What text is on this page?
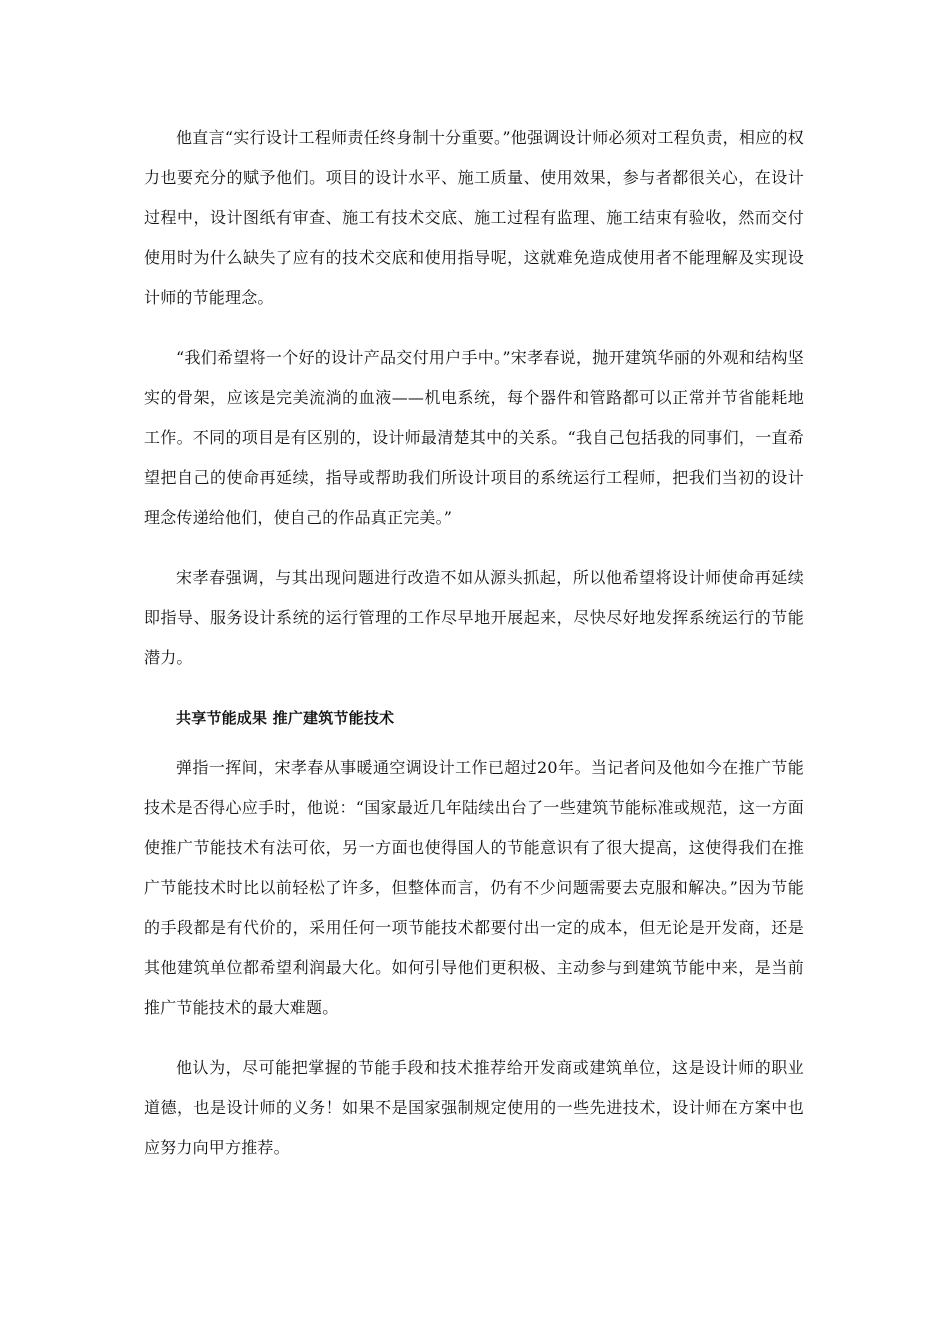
他直言“实行设计工程师责任终身制十分重要。”他强调设计师必须对工程负责，相应的权力也要充分的赋予他们。项目的设计水平、施工质量、使用效果，参与者都很关心，在设计过程中，设计图纸有审查、施工有技术交底、施工过程有监理、施工结束有验收，然而交付使用时为什么缺失了应有的技术交底和使用指导呢，这就难免造成使用者不能理解及实现设计师的节能理念。

“我们希望将一个好的设计产品交付用户手中。”宋孝春说，抛开建筑华丽的外观和结构坚实的骨架，应该是完美流淌的血液——机电系统，每个器件和管路都可以正常并节省能耗地工作。不同的项目是有区别的，设计师最清楚其中的关系。“我自己包括我的同事们，一直希望把自己的使命再延续，指导或帮助我们所设计项目的系统运行工程师，把我们当初的设计理念传递给他们，使自己的作品真正完美。”

宋孝春强调，与其出现问题进行改造不如从源头抓起，所以他希望将设计师使命再延续即指导、服务设计系统的运行管理的工作尽早地开展起来，尽快尽好地发挥系统运行的节能潜力。

共享节能成果 推广建筑节能技术

弹指一挥间，宋孝春从事暖通空调设计工作已超过20年。当记者问及他如今在推广节能技术是否得心应手时，他说：“国家最近几年陆续出台了一些建筑节能标准或规范，这一方面使推广节能技术有法可依，另一方面也使得国人的节能意识有了很大提高，这使得我们在推广节能技术时比以前轻松了许多，但整体而言，仍有不少问题需要去克服和解决。”因为节能的手段都是有代价的，采用任何一项节能技术都要付出一定的成本，但无论是开发商，还是其他建筑单位都希望利润最大化。如何引导他们更积极、主动参与到建筑节能中来，是当前推广节能技术的最大难题。

他认为，尽可能把掌握的节能手段和技术推荐给开发商或建筑单位，这是设计师的职业道德，也是设计师的义务！如果不是国家强制规定使用的一些先进技术，设计师在方案中也应努力向甲方推荐。
